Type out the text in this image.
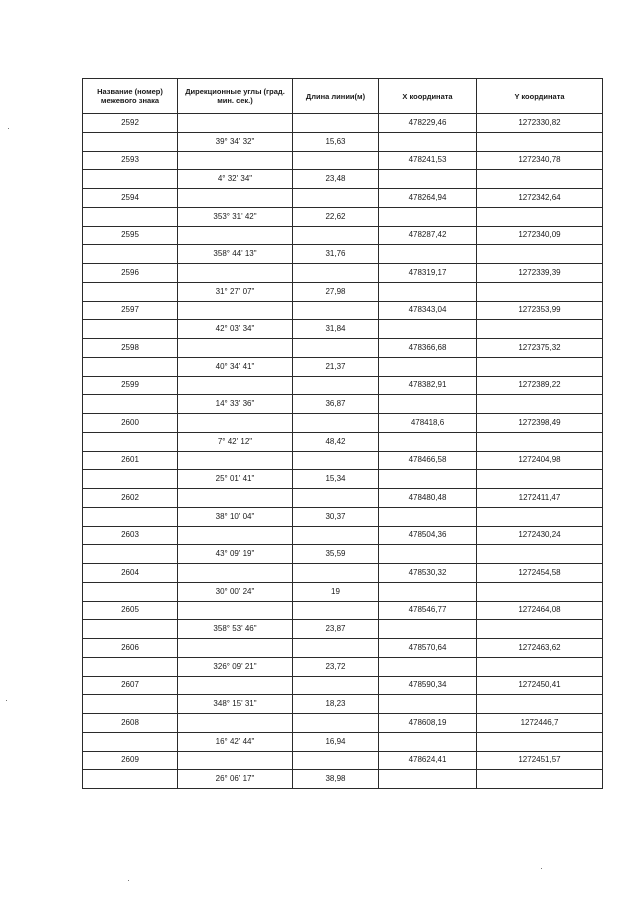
Название (номер) межевого знака	Дирекционные углы (град. мин. сек.)	Длина линии(м)	X координата	Y координата
2592			478229,46	1272330,82
	39° 34' 32"	15,63		
2593			478241,53	1272340,78
	4° 32' 34"	23,48		
2594			478264,94	1272342,64
	353° 31' 42"	22,62		
2595			478287,42	1272340,09
	358° 44' 13"	31,76		
2596			478319,17	1272339,39
	31° 27' 07"	27,98		
2597			478343,04	1272353,99
	42° 03' 34"	31,84		
2598			478366,68	1272375,32
	40° 34' 41"	21,37		
2599			478382,91	1272389,22
	14° 33' 36"	36,87		
2600			478418,6	1272398,49
	7° 42' 12"	48,42		
2601			478466,58	1272404,98
	25° 01' 41"	15,34		
2602			478480,48	1272411,47
	38° 10' 04"	30,37		
2603			478504,36	1272430,24
	43° 09' 19"	35,59		
2604			478530,32	1272454,58
	30° 00' 24"	19		
2605			478546,77	1272464,08
	358° 53' 46"	23,87		
2606			478570,64	1272463,62
	326° 09' 21"	23,72		
2607			478590,34	1272450,41
	348° 15' 31"	18,23		
2608			478608,19	1272446,7
	16° 42' 44"	16,94		
2609			478624,41	1272451,57
	26° 06' 17"	38,98		
